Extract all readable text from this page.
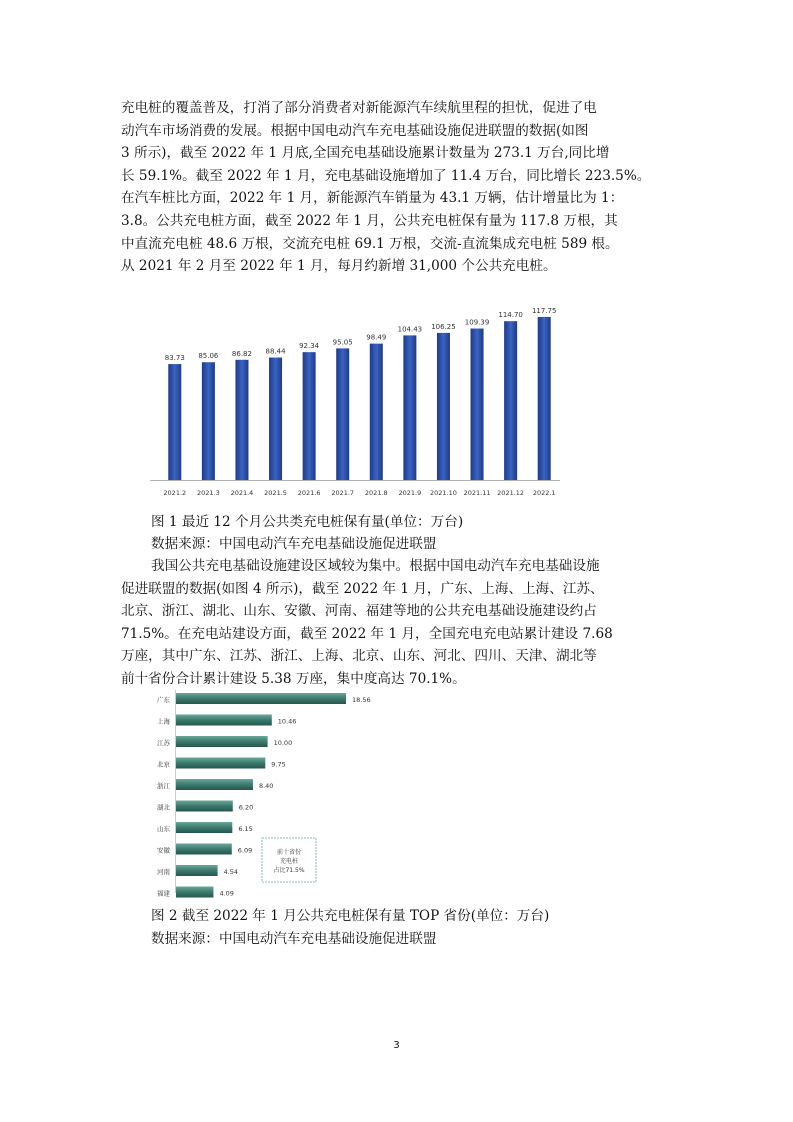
充电桩的覆盖普及，打消了部分消费者对新能源汽车续航里程的担忧，促进了电
动汽车市场消费的发展。根据中国电动汽车充电基础设施促进联盟的数据(如图
3 所示)，截至 2022 年 1 月底,全国充电基础设施累计数量为 273.1 万台,同比增
长 59.1%。截至 2022 年 1 月，充电基础设施增加了 11.4 万台，同比增长 223.5%。
在汽车桩比方面，2022 年 1 月，新能源汽车销量为 43.1 万辆，估计增量比为 1：
3.8。公共充电桩方面，截至 2022 年 1 月，公共充电桩保有量为 117.8 万根，其
中直流充电桩 48.6 万根，交流充电桩 69.1 万根，交流-直流集成充电桩 589 根。
从 2021 年 2 月至 2022 年 1 月，每月约新增 31,000 个公共充电桩。
83.73
2021.2
85.06
2021.3
86.82
2021.4
88.44
2021.5
92.34
2021.6
95.05
2021.7
98.49
2021.8
104.43
2021.9
106.25
2021.10
109.39
2021.11
114.70
2021.12
117.75
2022.1
图 1 最近 12 个月公共类充电桩保有量(单位：万台)
数据来源：中国电动汽车充电基础设施促进联盟
我国公共充电基础设施建设区域较为集中。根据中国电动汽车充电基础设施
促进联盟的数据(如图 4 所示)，截至 2022 年 1 月，广东、上海、上海、江苏、
北京、浙江、湖北、山东、安徽、河南、福建等地的公共充电基础设施建设约占
71.5%。在充电站建设方面，截至 2022 年 1 月，全国充电充电站累计建设 7.68
万座，其中广东、江苏、浙江、上海、北京、山东、河北、四川、天津、湖北等
前十省份合计累计建设 5.38 万座，集中度高达 70.1%。
前十省份
充电桩
占比71.5%
广东	18.56
上海	10.46
江苏	10.00
北京	9.75
浙江	8.40
湖北	6.20
山东	6.15
安徽	6.09
河南	4.54
福建	4.09
图 2 截至 2022 年 1 月公共充电桩保有量 TOP 省份(单位：万台)
数据来源：中国电动汽车充电基础设施促进联盟
3
